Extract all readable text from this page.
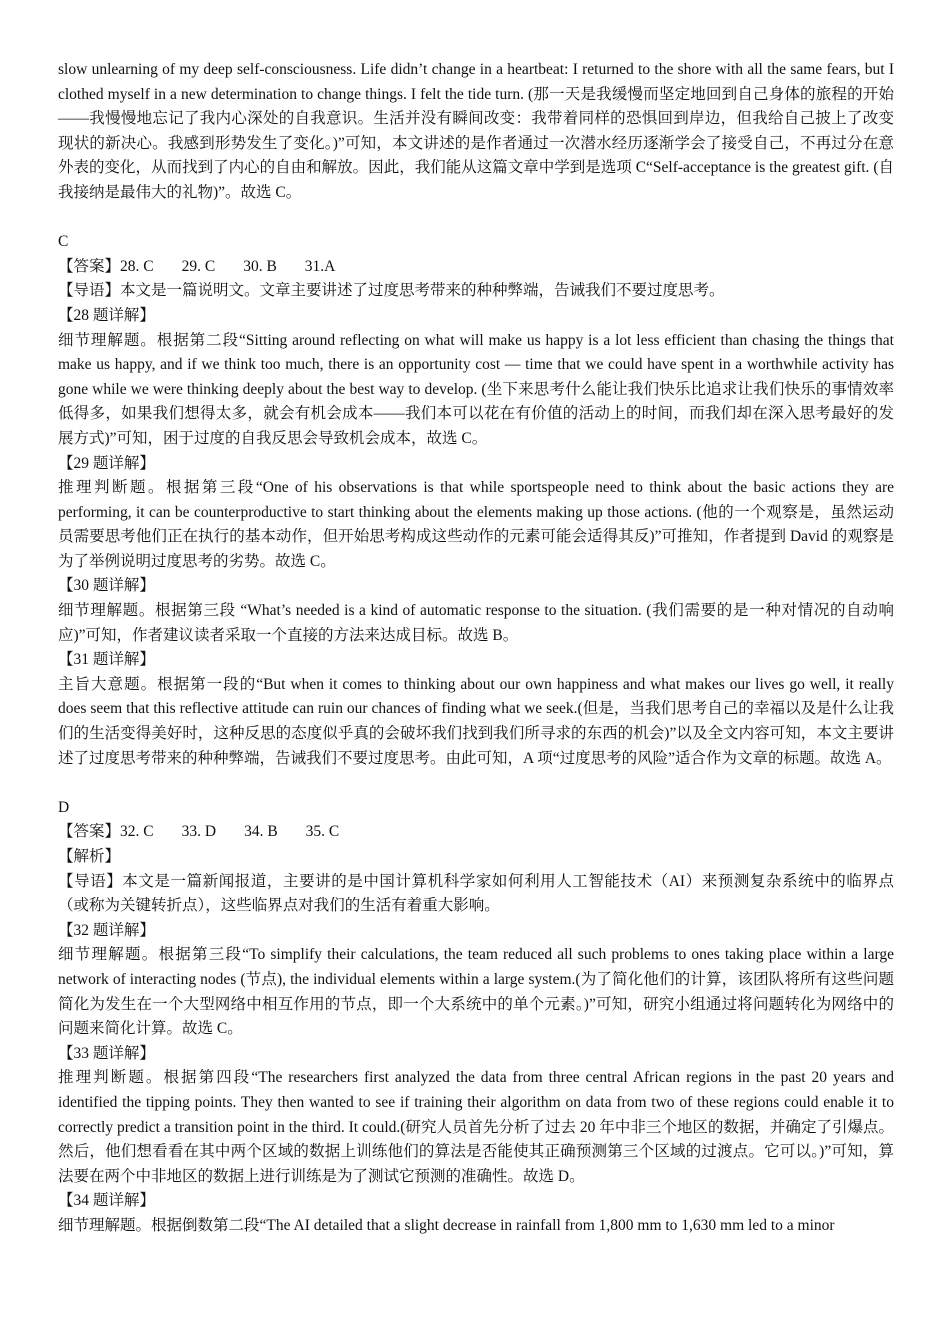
slow unlearning of my deep self-consciousness. Life didn’t change in a heartbeat: I returned to the shore with all the same fears, but I clothed myself in a new determination to change things. I felt the tide turn. (那一天是我缓慢而坚定地回到自己身体的旅程的开始——我慢慢地忘记了我内心深处的自我意识。生活并没有瞬间改变：我带着同样的恐惧回到岸边，但我给自己披上了改变现状的新决心。我感到形势发生了变化。)”可知，本文讲述的是作者通过一次潜水经历逐渐学会了接受自己，不再过分在意外表的变化，从而找到了内心的自由和解放。因此，我们能从这篇文章中学到是选项 C“Self-acceptance is the greatest gift. (自我接纳是最伟大的礼物)”。故选 C。

C

【答案】28. C 29. C 30. B 31.A

【导语】本文是一篇说明文。文章主要讲述了过度思考带来的种种弊端，告诫我们不要过度思考。

【28 题详解】

细节理解题。根据第二段“Sitting around reflecting on what will make us happy is a lot less efficient than chasing the things that make us happy, and if we think too much, there is an opportunity cost — time that we could have spent in a worthwhile activity has gone while we were thinking deeply about the best way to develop. (坐下来思考什么能让我们快乐比追求让我们快乐的事情效率低得多，如果我们想得太多，就会有机会成本——我们本可以花在有价值的活动上的时间，而我们却在深入思考最好的发展方式)”可知，困于过度的自我反思会导致机会成本，故选 C。

【29 题详解】

推理判断题。根据第三段“One of his observations is that while sportspeople need to think about the basic actions they are performing, it can be counterproductive to start thinking about the elements making up those actions. (他的一个观察是，虽然运动员需要思考他们正在执行的基本动作，但开始思考构成这些动作的元素可能会适得其反)”可推知，作者提到 David 的观察是为了举例说明过度思考的劣势。故选 C。

【30 题详解】

细节理解题。根据第三段 “What’s needed is a kind of automatic response to the situation. (我们需要的是一种对情况的自动响应)”可知，作者建议读者采取一个直接的方法来达成目标。故选 B。

【31 题详解】

主旨大意题。根据第一段的“But when it comes to thinking about our own happiness and what makes our lives go well, it really does seem that this reflective attitude can ruin our chances of finding what we seek.(但是，当我们思考自己的幸福以及是什么让我们的生活变得美好时，这种反思的态度似乎真的会破坏我们找到我们所寻求的东西的机会)”以及全文内容可知，本文主要讲述了过度思考带来的种种弊端，告诫我们不要过度思考。由此可知，A 项“过度思考的风险”适合作为文章的标题。故选 A。

D

【答案】32. C 33. D 34. B 35. C

【解析】

【导语】本文是一篇新闻报道，主要讲的是中国计算机科学家如何利用人工智能技术（AI）来预测复杂系统中的临界点（或称为关键转折点），这些临界点对我们的生活有着重大影响。

【32 题详解】

细节理解题。根据第三段“To simplify their calculations, the team reduced all such problems to ones taking place within a large network of interacting nodes (节点), the individual elements within a large system.(为了简化他们的计算，该团队将所有这些问题简化为发生在一个大型网络中相互作用的节点，即一个大系统中的单个元素。)”可知，研究小组通过将问题转化为网络中的问题来简化计算。故选 C。

【33 题详解】

推理判断题。根据第四段“The researchers first analyzed the data from three central African regions in the past 20 years and identified the tipping points. They then wanted to see if training their algorithm on data from two of these regions could enable it to correctly predict a transition point in the third. It could.(研究人员首先分析了过去 20 年中非三个地区的数据，并确定了引爆点。然后，他们想看看在其中两个区域的数据上训练他们的算法是否能使其正确预测第三个区域的过渡点。它可以。)”可知，算法要在两个中非地区的数据上进行训练是为了测试它预测的准确性。故选 D。

【34 题详解】

细节理解题。根据倒数第二段“The AI detailed that a slight decrease in rainfall from 1,800 mm to 1,630 mm led to a minor
